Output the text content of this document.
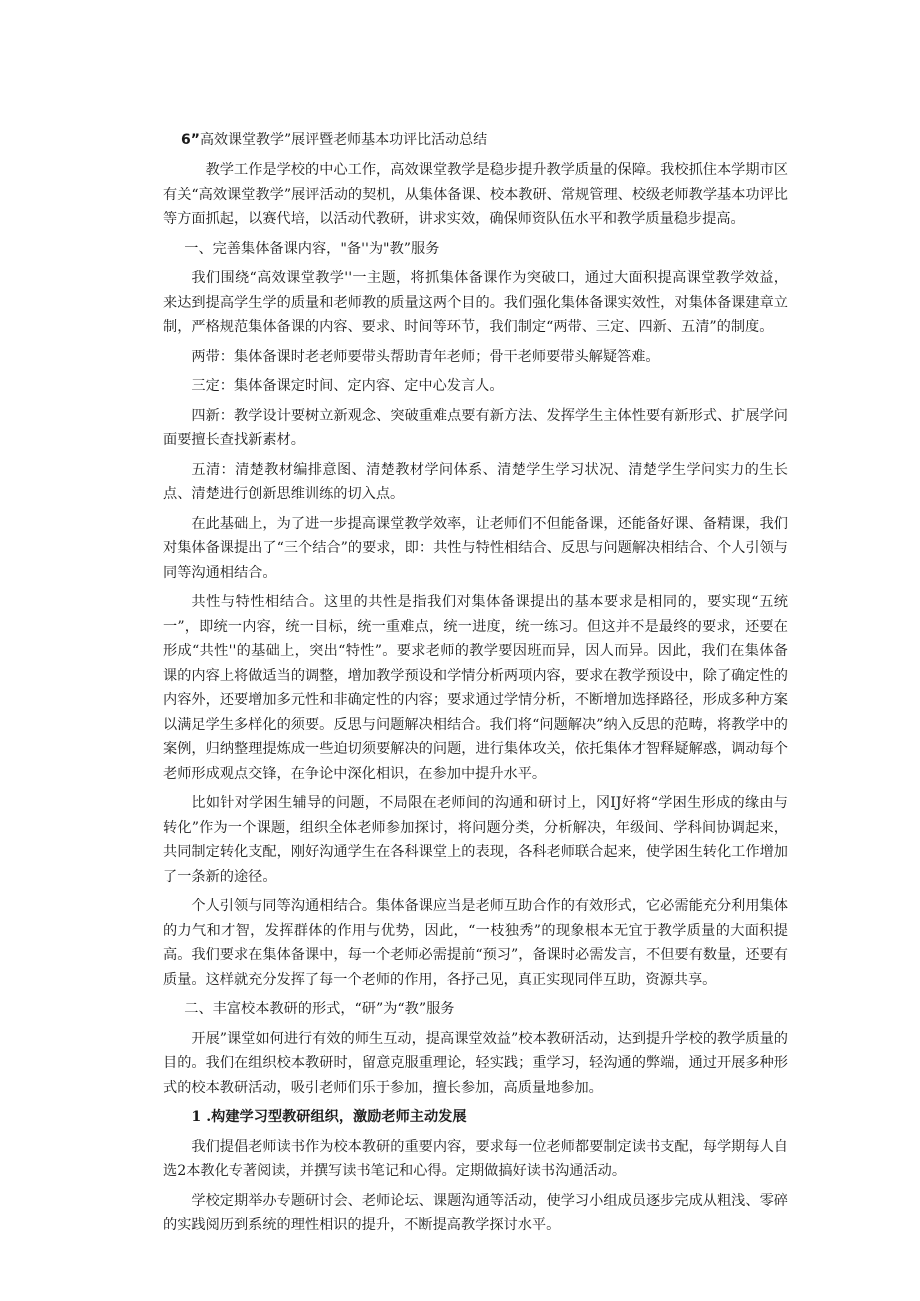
6”高效课堂教学”展评暨老师基本功评比活动总结

教学工作是学校的中心工作，高效课堂教学是稳步提升教学质量的保障。我校抓住本学期市区有关“高效课堂教学”展评活动的契机，从集体备课、校本教研、常规管理、校级老师教学基本功评比等方面抓起，以赛代培，以活动代教研，讲求实效，确保师资队伍水平和教学质量稳步提高。

一、完善集体备课内容，"备''为"教”服务

我们围绕“高效课堂教学''一主题，将抓集体备课作为突破口，通过大面积提高课堂教学效益，来达到提高学生学的质量和老师教的质量这两个目的。我们强化集体备课实效性，对集体备课建章立制，严格规范集体备课的内容、要求、时间等环节，我们制定“两带、三定、四新、五清”的制度。

两带：集体备课时老老师要带头帮助青年老师；骨干老师要带头解疑答难。

三定：集体备课定时间、定内容、定中心发言人。

四新：教学设计要树立新观念、突破重难点要有新方法、发挥学生主体性要有新形式、扩展学问面要擅长查找新素材。

五清：清楚教材编排意图、清楚教材学问体系、清楚学生学习状况、清楚学生学问实力的生长点、清楚进行创新思维训练的切入点。

在此基础上，为了进一步提高课堂教学效率，让老师们不但能备课，还能备好课、备精课，我们对集体备课提出了“三个结合”的要求，即：共性与特性相结合、反思与问题解决相结合、个人引领与同等沟通相结合。

共性与特性相结合。这里的共性是指我们对集体备课提出的基本要求是相同的，要实现“五统一”，即统一内容，统一目标，统一重难点，统一进度，统一练习。但这并不是最终的要求，还要在形成“共性''的基础上，突出“特性”。要求老师的教学要因班而异，因人而异。因此，我们在集体备课的内容上将做适当的调整，增加教学预设和学情分析两项内容，要求在教学预设中，除了确定性的内容外，还要增加多元性和非确定性的内容；要求通过学情分析，不断增加选择路径，形成多种方案以满足学生多样化的须要。反思与问题解决相结合。我们将“问题解决”纳入反思的范畴，将教学中的案例，归纳整理提炼成一些迫切须要解决的问题，进行集体攻关，依托集体才智释疑解惑，调动每个老师形成观点交锋，在争论中深化相识，在参加中提升水平。

比如针对学困生辅导的问题，不局限在老师间的沟通和研讨上，冈IJ好将“学困生形成的缘由与转化”作为一个课题，组织全体老师参加探讨，将问题分类，分析解决，年级间、学科间协调起来，共同制定转化支配，刚好沟通学生在各科课堂上的表现，各科老师联合起来，使学困生转化工作增加了一条新的途径。

个人引领与同等沟通相结合。集体备课应当是老师互助合作的有效形式，它必需能充分利用集体的力气和才智，发挥群体的作用与优势，因此，“一枝独秀”的现象根本无宜于教学质量的大面积提高。我们要求在集体备课中，每一个老师必需提前“预习”，备课时必需发言，不但要有数量，还要有质量。这样就充分发挥了每一个老师的作用，各抒己见，真正实现同伴互助，资源共享。

二、丰富校本教研的形式，“研”为“教”服务

开展”课堂如何进行有效的师生互动，提高课堂效益”校本教研活动，达到提升学校的教学质量的目的。我们在组织校本教研时，留意克服重理论，轻实践；重学习，轻沟通的弊端，通过开展多种形式的校本教研活动，吸引老师们乐于参加，擅长参加，高质量地参加。

1 .构建学习型教研组织，激励老师主动发展

我们提倡老师读书作为校本教研的重要内容，要求每一位老师都要制定读书支配，每学期每人自选2本教化专著阅读，并撰写读书笔记和心得。定期做搞好读书沟通活动。

学校定期举办专题研讨会、老师论坛、课题沟通等活动，使学习小组成员逐步完成从粗浅、零碎的实践阅历到系统的理性相识的提升，不断提高教学探讨水平。
